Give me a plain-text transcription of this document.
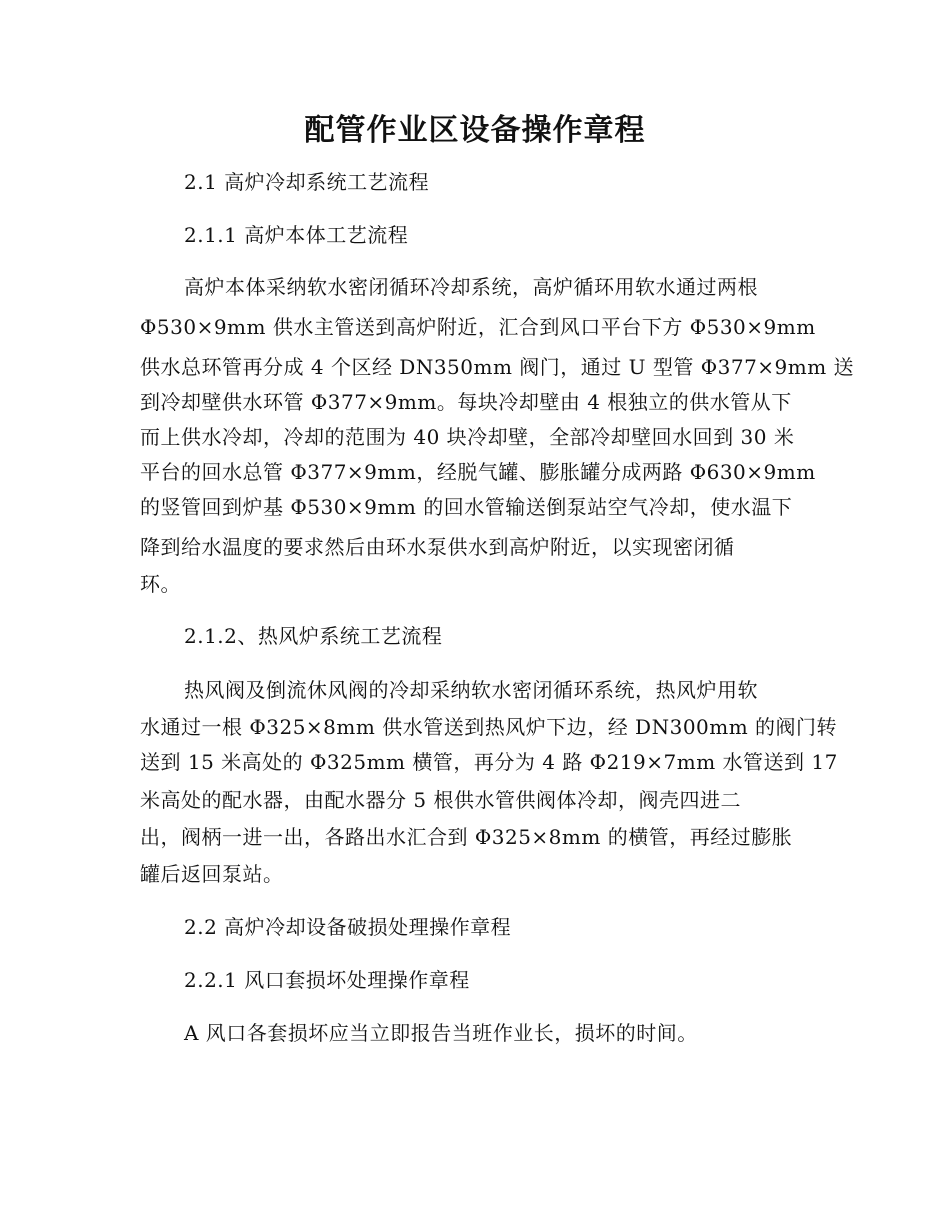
配管作业区设备操作章程
2.1 高炉冷却系统工艺流程
2.1.1 高炉本体工艺流程
高炉本体采纳软水密闭循环冷却系统，高炉循环用软水通过两根
Φ530×9mm 供水主管送到高炉附近，汇合到风口平台下方 Φ530×9mm
供水总环管再分成 4 个区经 DN350mm 阀门，通过 U 型管 Φ377×9mm 送
到冷却壁供水环管 Φ377×9mm。每块冷却壁由 4 根独立的供水管从下
而上供水冷却，冷却的范围为 40 块冷却壁，全部冷却壁回水回到 30 米
平台的回水总管 Φ377×9mm，经脱气罐、膨胀罐分成两路 Φ630×9mm
的竖管回到炉基 Φ530×9mm 的回水管输送倒泵站空气冷却，使水温下
降到给水温度的要求然后由环水泵供水到高炉附近，以实现密闭循
环。
2.1.2、热风炉系统工艺流程
热风阀及倒流休风阀的冷却采纳软水密闭循环系统，热风炉用软
水通过一根 Φ325×8mm 供水管送到热风炉下边，经 DN300mm 的阀门转
送到 15 米高处的 Φ325mm 横管，再分为 4 路 Φ219×7mm 水管送到 17
米高处的配水器，由配水器分 5 根供水管供阀体冷却，阀壳四进二
出，阀柄一进一出，各路出水汇合到 Φ325×8mm 的横管，再经过膨胀
罐后返回泵站。
2.2 高炉冷却设备破损处理操作章程
2.2.1 风口套损坏处理操作章程
A 风口各套损坏应当立即报告当班作业长，损坏的时间。
